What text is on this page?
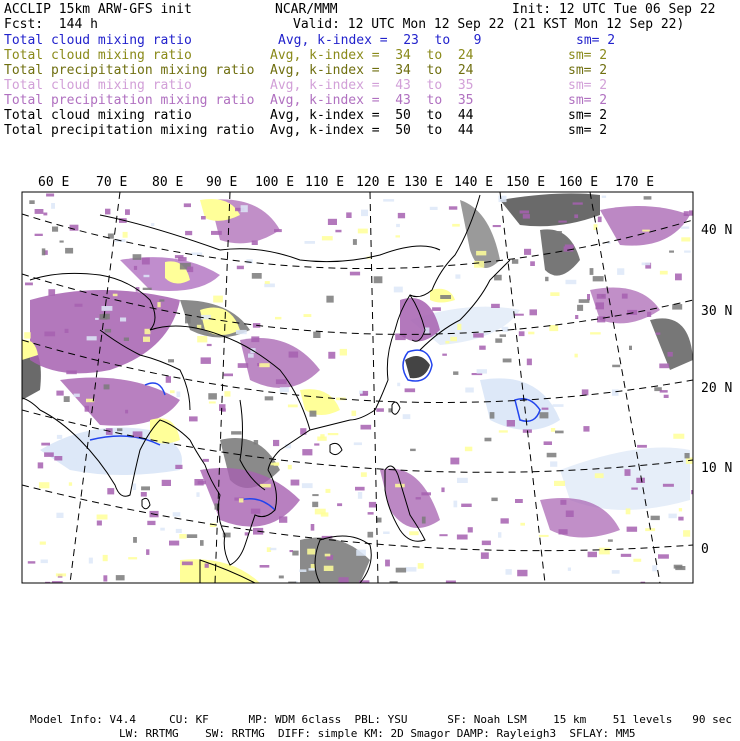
60 E 70 E 80 E 90 E 100 E 110 E 120 E 130 E 140 E 150 E 160 E 170 E
40 N
30 N
20 N
10 N
0
ACCLIP 15km ARW-GFS init	NCAR/MMM	Init: 12 UTC Tue 06 Sep 22
Fcst:  144 h	Valid: 12 UTC Mon 12 Sep 22 (21 KST Mon 12 Sep 22)
Total cloud mixing ratio	Avg, k-index =  23  to   9	sm= 2
Total cloud mixing ratio	Avg, k-index =  34  to  24	sm= 2
Total precipitation mixing ratio Avg, k-index =  34  to  24	sm= 2
Total cloud mixing ratio	Avg, k-index =  43  to  35	sm= 2
Total precipitation mixing ratio Avg, k-index =  43  to  35	sm= 2
Total cloud mixing ratio	Avg, k-index =  50  to  44	sm= 2
Total precipitation mixing ratio Avg, k-index =  50  to  44	sm= 2
Model Info: V4.4     CU: KF      MP: WDM 6class  PBL: YSU      SF: Noah LSM    15 km    51 levels   90 sec
LW: RRTMG    SW: RRTMG  DIFF: simple KM: 2D Smagor DAMP: Rayleigh3  SFLAY: MM5
